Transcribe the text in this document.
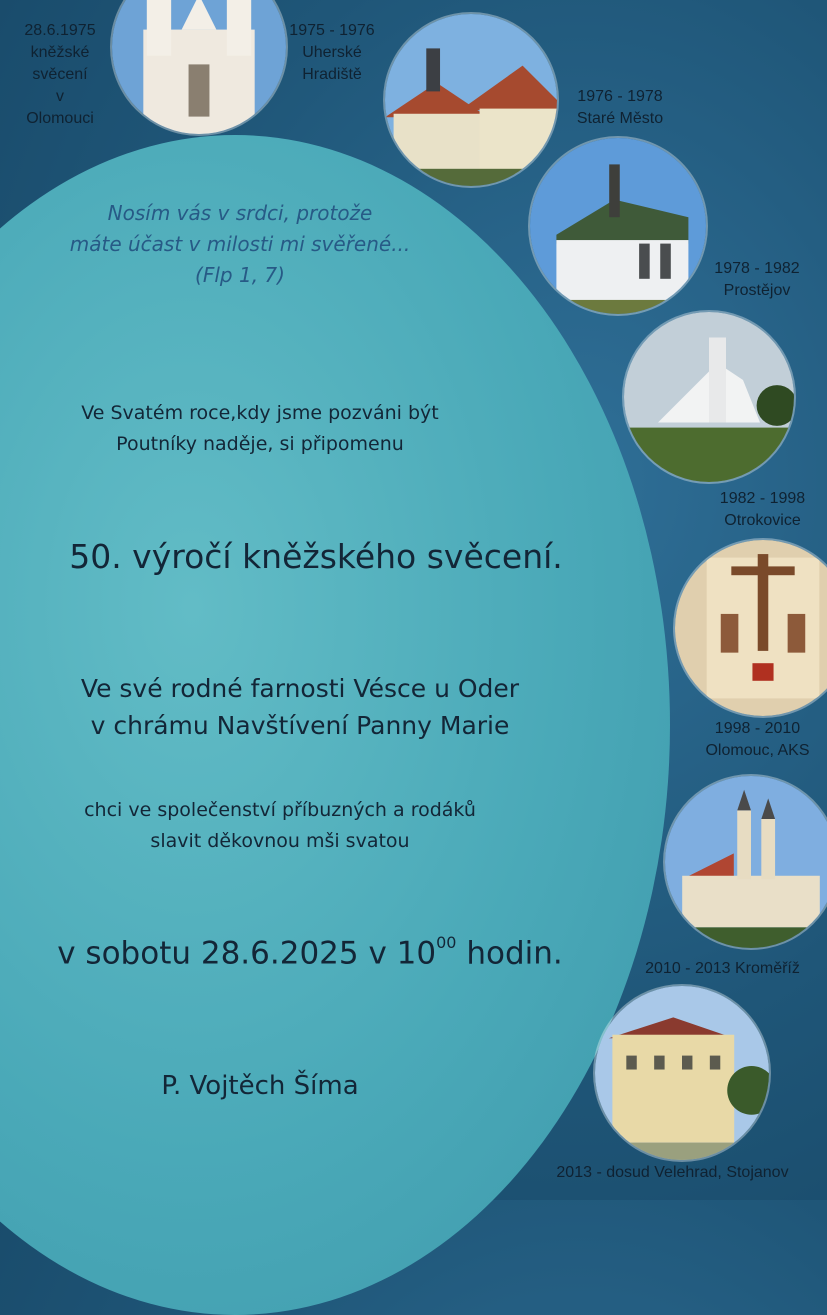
Nosím vás v srdci, protože
máte účast v milosti mi svěřené...
(Flp 1, 7)
Ve Svatém roce,kdy jsme pozváni být
Poutníky naděje, si připomenu
50. výročí kněžského svěcení.
Ve své rodné farnosti Vésce u Oder
v chrámu Navštívení Panny Marie
chci ve společenství příbuzných a rodáků
slavit děkovnou mši svatou
v sobotu 28.6.2025 v $10^{00}$ hodin.
P. Vojtěch Šíma
28.6.1975
kněžské
svěcení
v
Olomouci
1975 - 1976
Uherské
Hradiště
1976 - 1978
Staré Město
1978 - 1982
Prostějov
1982 - 1998
Otrokovice
1998 - 2010
Olomouc, AKS
2010 - 2013 Kroměříž
2013 - dosud Velehrad, Stojanov
